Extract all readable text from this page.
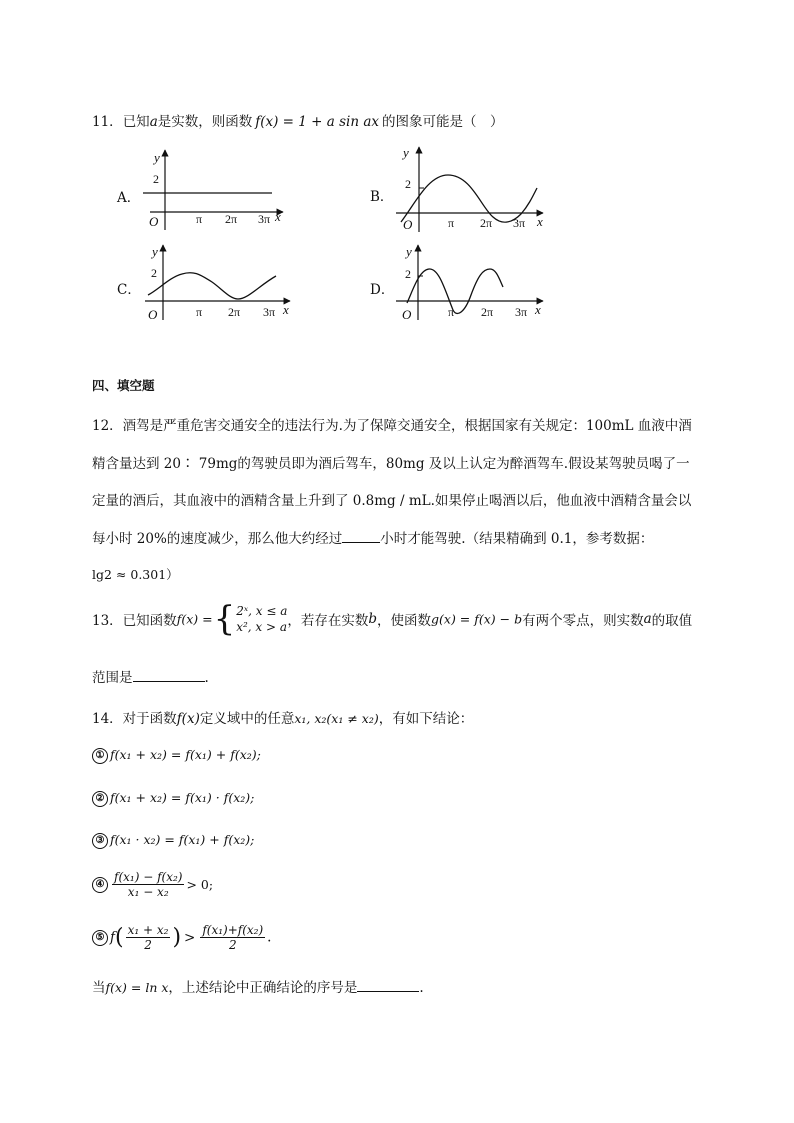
11．已知a是实数，则函数 f(x) = 1 + a sin ax 的图象可能是（　）
A．	B．
C．	D．
y
2
O	π 2π 3π x
y
2
O	π 2π 3π x
y
2
O	π 2π 3π x
y
2
O	π 2π 3π x
四、填空题
12．酒驾是严重危害交通安全的违法行为.为了保障交通安全，根据国家有关规定：100mL 血液中酒
精含量达到 20∶ 79mg的驾驶员即为酒后驾车，80mg 及以上认定为醉酒驾车.假设某驾驶员喝了一
定量的酒后，其血液中的酒精含量上升到了 0.8mg / mL.如果停止喝酒以后，他血液中酒精含量会以
每小时 20%的速度减少，那么他大约经过	小时才能驾驶.（结果精确到 0.1，参考数据：
lg2 ≈ 0.301）
13．已知函数f(x) ={ 2ˣ, x ≤ a
x², x > a ，若存在实数b，使函数g(x) = f(x) − b有两个零点，则实数a的取值
范围是	.
14．对于函数f(x)定义域中的任意x₁, x₂(x₁ ≠ x₂)，有如下结论：
① f(x₁ + x₂) = f(x₁) + f(x₂);
② f(x₁ + x₂) = f(x₁) · f(x₂);
③ f(x₁ · x₂) = f(x₁) + f(x₂);
④ $\frac{\text{f(x₁) − f(x₂)}}{\text{x₁ − x₂}} > 0$;
⑤ $f( \frac{\text{x₁ + x₂}}{2}$ ) > $\frac{\text{f(x₁)+f(x₂)}}{2}$ .
当f(x) = ln x，上述结论中正确结论的序号是	.
